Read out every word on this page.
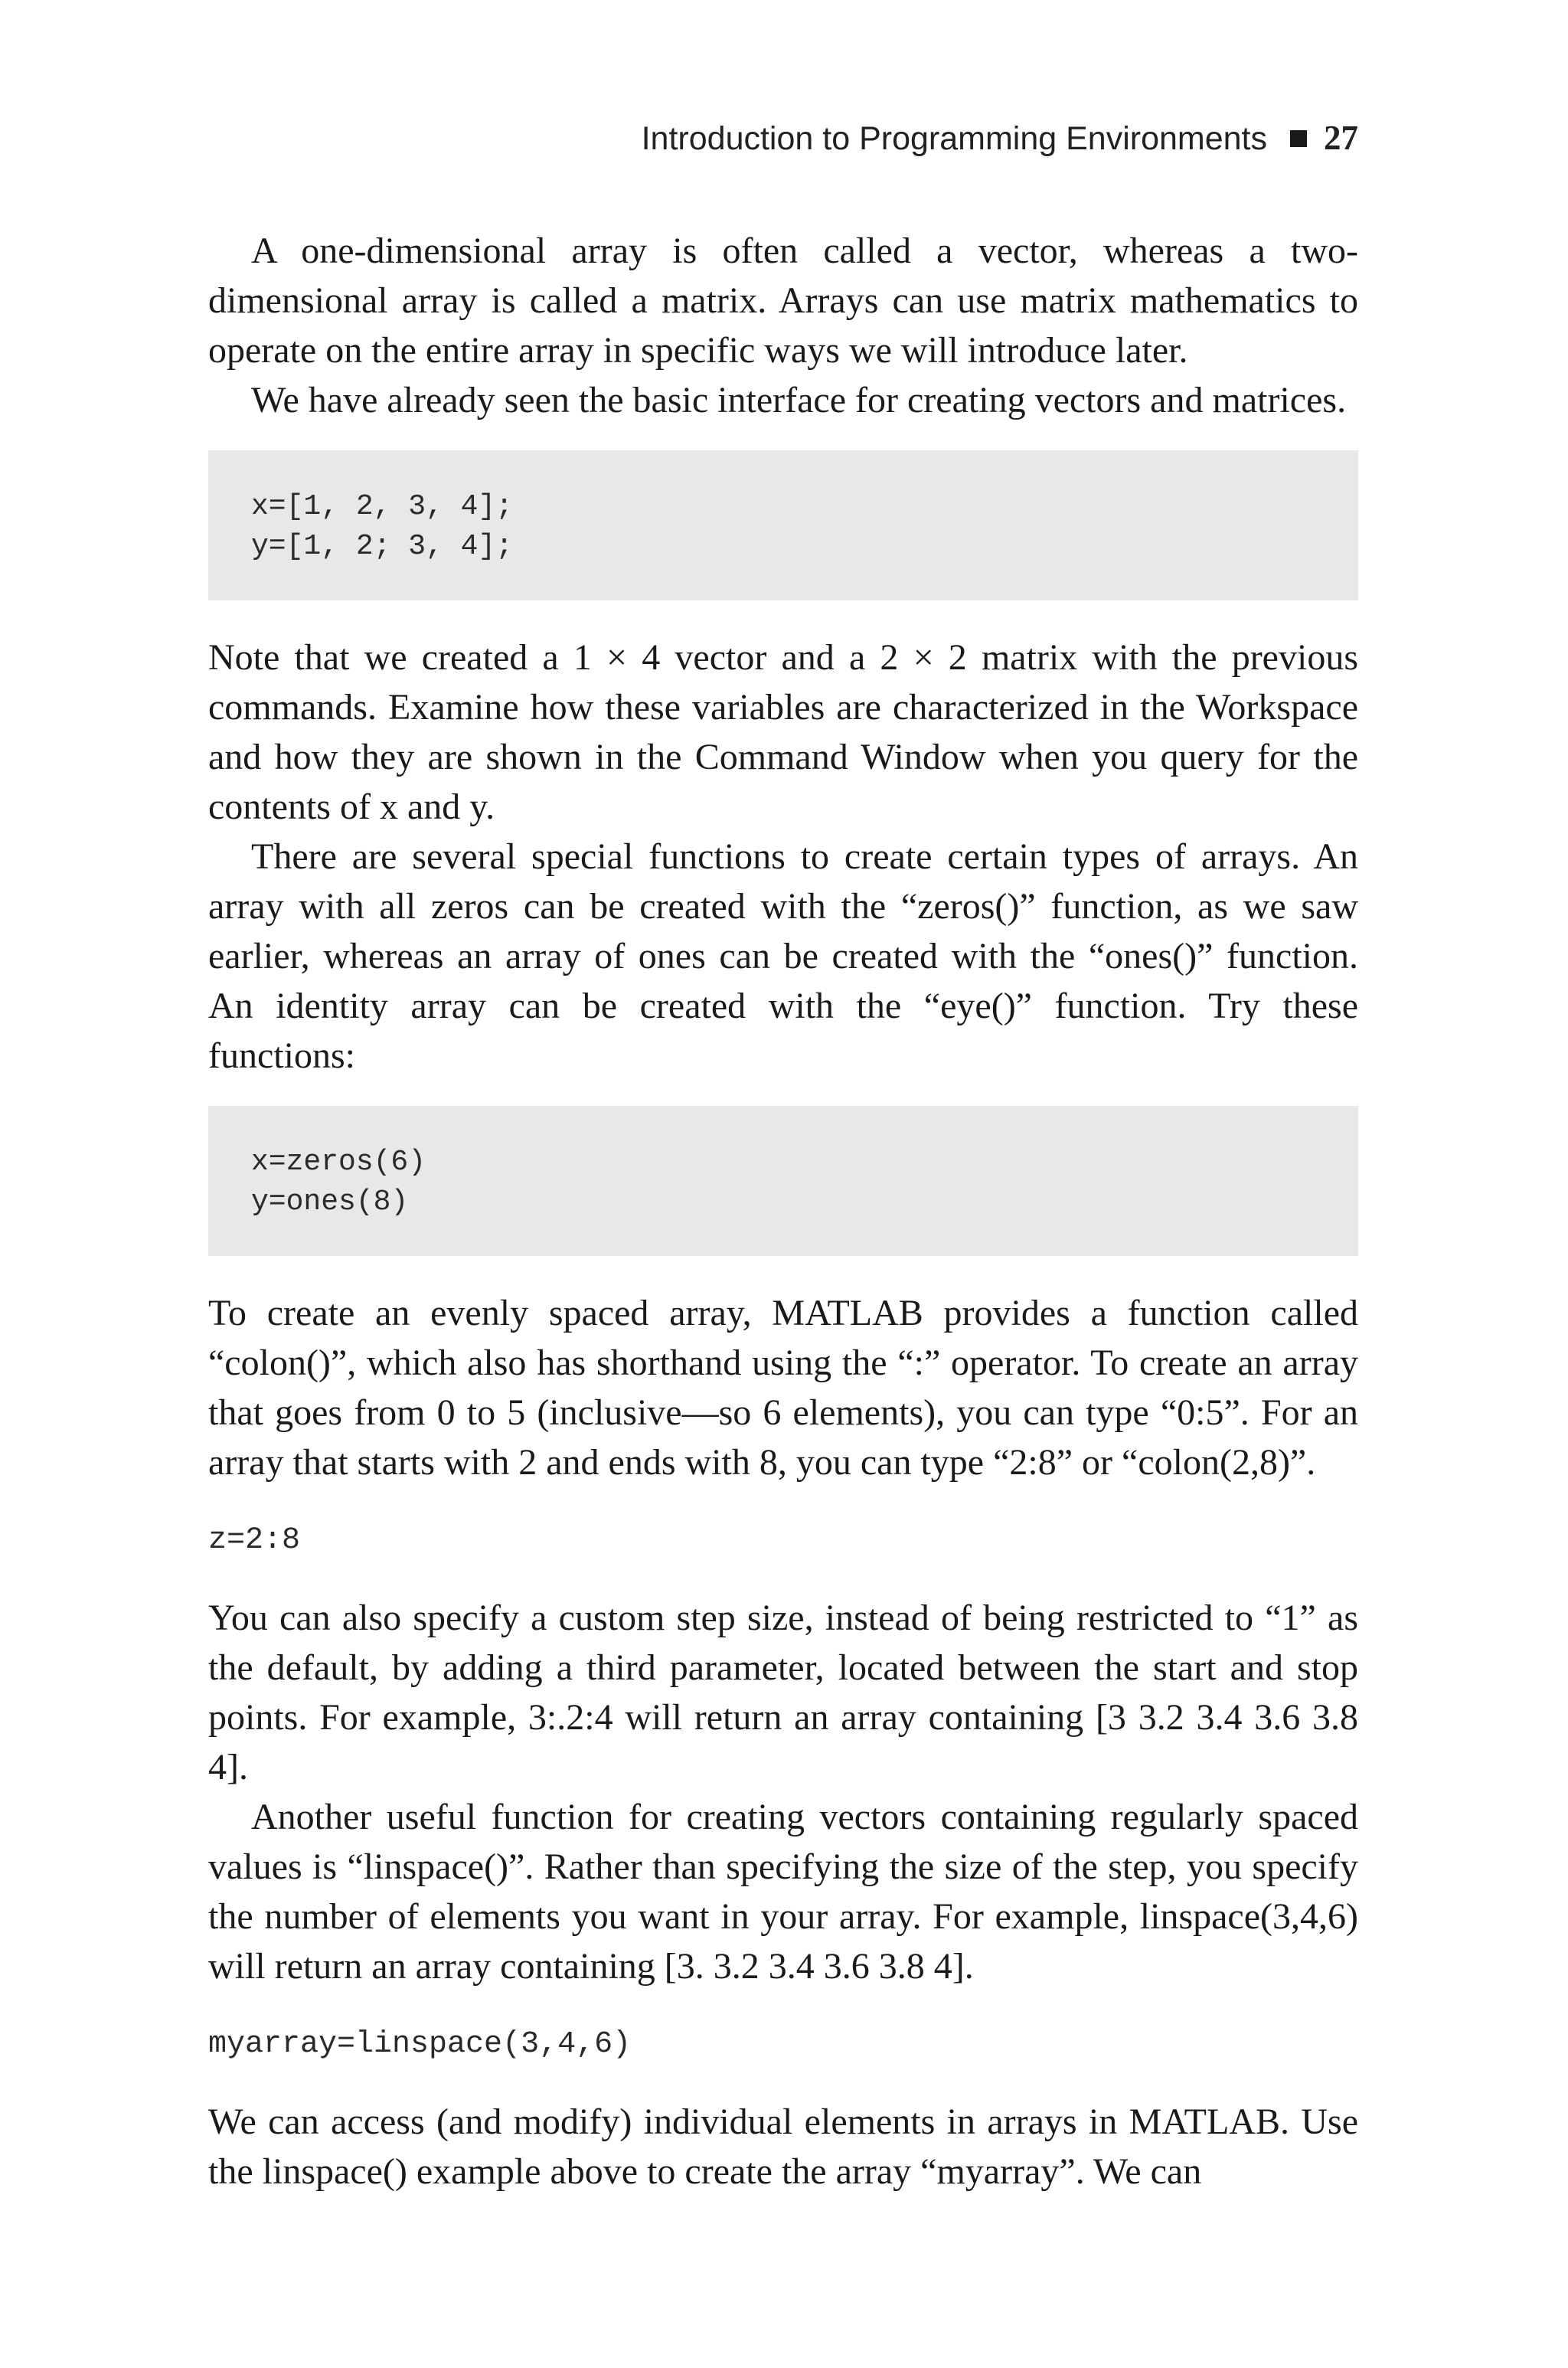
Introduction to Programming Environments 27

A one-dimensional array is often called a vector, whereas a two-dimensional array is called a matrix. Arrays can use matrix mathematics to operate on the entire array in specific ways we will introduce later.

We have already seen the basic interface for creating vectors and matrices.

x=[1, 2, 3, 4];
y=[1, 2; 3, 4];

Note that we created a 1 × 4 vector and a 2 × 2 matrix with the previous commands. Examine how these variables are characterized in the Workspace and how they are shown in the Command Window when you query for the contents of x and y.

There are several special functions to create certain types of arrays. An array with all zeros can be created with the “zeros()” function, as we saw earlier, whereas an array of ones can be created with the “ones()” function. An identity array can be created with the “eye()” function. Try these functions:

x=zeros(6)
y=ones(8)

To create an evenly spaced array, MATLAB provides a function called “colon()”, which also has shorthand using the “:” operator. To create an array that goes from 0 to 5 (inclusive—so 6 elements), you can type “0:5”. For an array that starts with 2 and ends with 8, you can type “2:8” or “colon(2,8)”.

z=2:8

You can also specify a custom step size, instead of being restricted to “1” as the default, by adding a third parameter, located between the start and stop points. For example, 3:.2:4 will return an array containing [3 3.2 3.4 3.6 3.8 4].

Another useful function for creating vectors containing regularly spaced values is “linspace()”. Rather than specifying the size of the step, you specify the number of elements you want in your array. For example, linspace(3,4,6) will return an array containing [3. 3.2 3.4 3.6 3.8 4].

myarray=linspace(3,4,6)

We can access (and modify) individual elements in arrays in MATLAB. Use the linspace() example above to create the array “myarray”. We can
